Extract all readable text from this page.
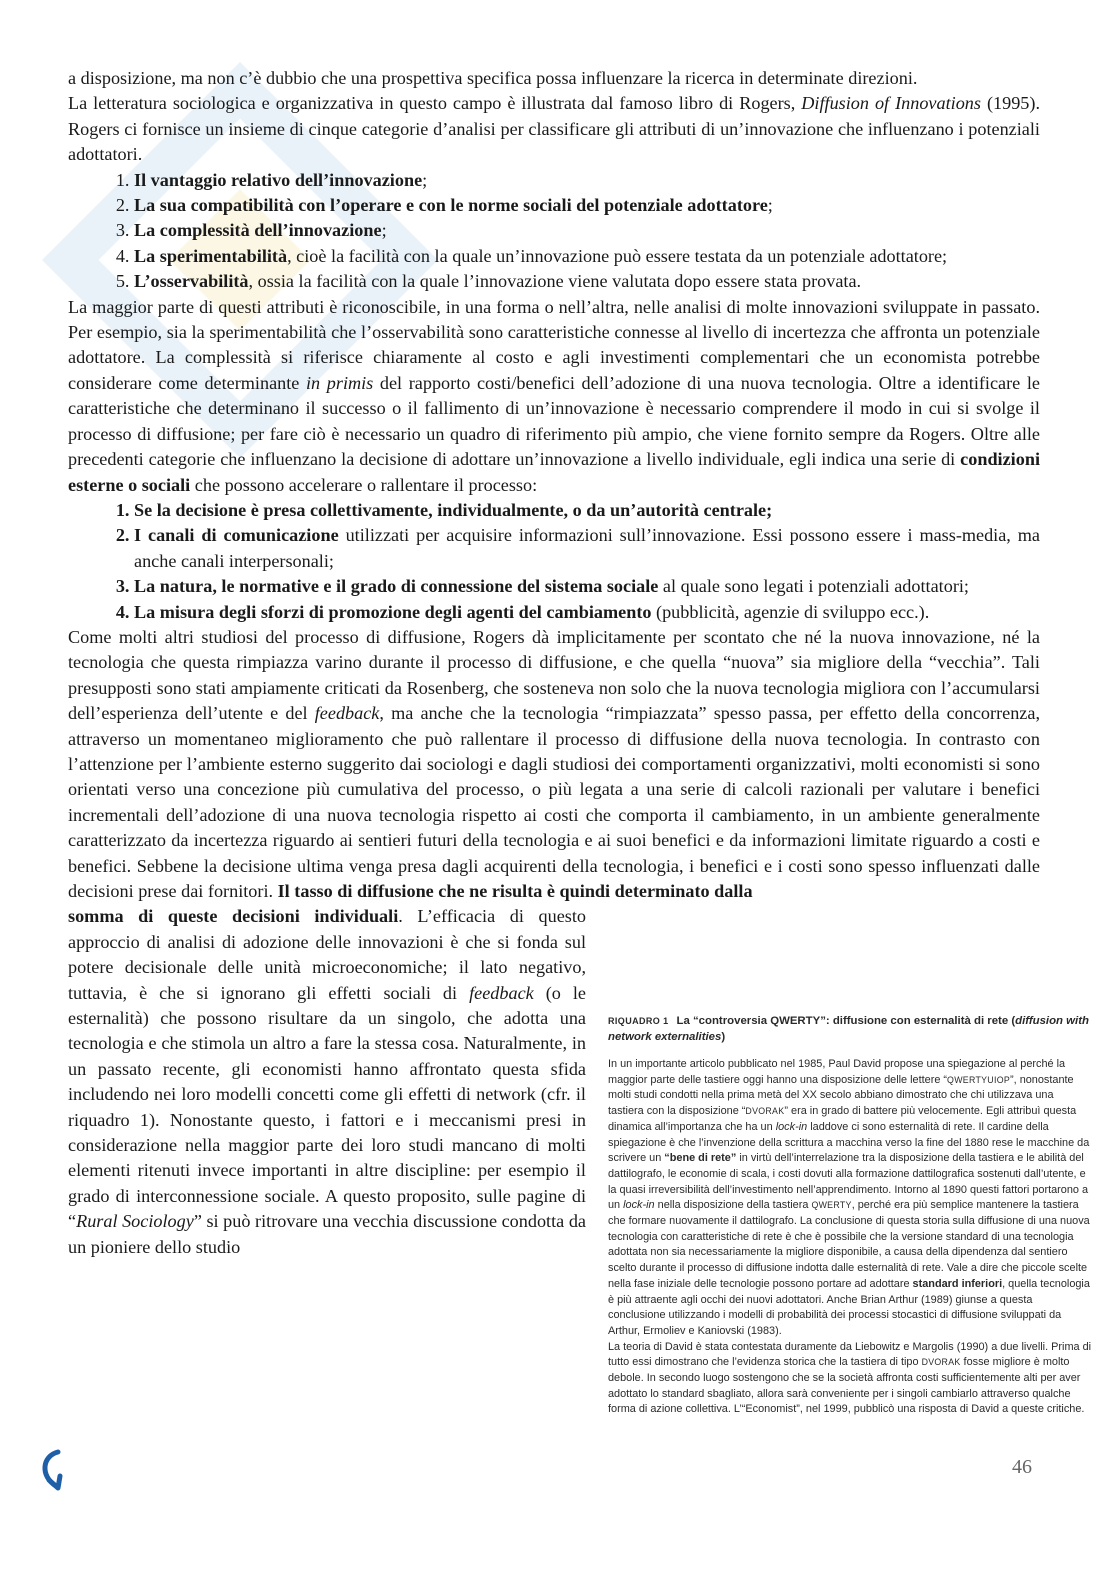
a disposizione, ma non c’è dubbio che una prospettiva specifica possa influenzare la ricerca in determinate direzioni.

La letteratura sociologica e organizzativa in questo campo è illustrata dal famoso libro di Rogers, Diffusion of Innovations (1995). Rogers ci fornisce un insieme di cinque categorie d’analisi per classificare gli attributi di un’innovazione che influenzano i potenziali adottatori.

1. Il vantaggio relativo dell’innovazione;
2. La sua compatibilità con l’operare e con le norme sociali del potenziale adottatore;
3. La complessità dell’innovazione;
4. La sperimentabilità, cioè la facilità con la quale un’innovazione può essere testata da un potenziale adottatore;
5. L’osservabilità, ossia la facilità con la quale l’innovazione viene valutata dopo essere stata provata.

La maggior parte di questi attributi è riconoscibile, in una forma o nell’altra, nelle analisi di molte innovazioni sviluppate in passato. Per esempio, sia la sperimentabilità che l’osservabilità sono caratteristiche connesse al livello di incertezza che affronta un potenziale adottatore. La complessità si riferisce chiaramente al costo e agli investimenti complementari che un economista potrebbe considerare come determinante in primis del rapporto costi/benefici dell’adozione di una nuova tecnologia. Oltre a identificare le caratteristiche che determinano il successo o il fallimento di un’innovazione è necessario comprendere il modo in cui si svolge il processo di diffusione; per fare ciò è necessario un quadro di riferimento più ampio, che viene fornito sempre da Rogers. Oltre alle precedenti categorie che influenzano la decisione di adottare un’innovazione a livello individuale, egli indica una serie di condizioni esterne o sociali che possono accelerare o rallentare il processo:

1. Se la decisione è presa collettivamente, individualmente, o da un’autorità centrale;
2. I canali di comunicazione utilizzati per acquisire informazioni sull’innovazione. Essi possono essere i mass-media, ma anche canali interpersonali;
3. La natura, le normative e il grado di connessione del sistema sociale al quale sono legati i potenziali adottatori;
4. La misura degli sforzi di promozione degli agenti del cambiamento (pubblicità, agenzie di sviluppo ecc.).

Come molti altri studiosi del processo di diffusione, Rogers dà implicitamente per scontato che né la nuova innovazione, né la tecnologia che questa rimpiazza varino durante il processo di diffusione, e che quella “nuova” sia migliore della “vecchia”. Tali presupposti sono stati ampiamente criticati da Rosenberg, che sosteneva non solo che la nuova tecnologia migliora con l’accumularsi dell’esperienza dell’utente e del feedback, ma anche che la tecnologia “rimpiazzata” spesso passa, per effetto della concorrenza, attraverso un momentaneo miglioramento che può rallentare il processo di diffusione della nuova tecnologia. In contrasto con l’attenzione per l’ambiente esterno suggerito dai sociologi e dagli studiosi dei comportamenti organizzativi, molti economisti si sono orientati verso una concezione più cumulativa del processo, o più legata a una serie di calcoli razionali per valutare i benefici incrementali dell’adozione di una nuova tecnologia rispetto ai costi che comporta il cambiamento, in un ambiente generalmente caratterizzato da incertezza riguardo ai sentieri futuri della tecnologia e ai suoi benefici e da informazioni limitate riguardo a costi e benefici. Sebbene la decisione ultima venga presa dagli acquirenti della tecnologia, i benefici e i costi sono spesso influenzati dalle decisioni prese dai fornitori. Il tasso di diffusione che ne risulta è quindi determinato dalla

somma di queste decisioni individuali. L’efficacia di questo approccio di analisi di adozione delle innovazioni è che si fonda sul potere decisionale delle unità microeconomiche; il lato negativo, tuttavia, è che si ignorano gli effetti sociali di feedback (o le esternalità) che possono risultare da un singolo, che adotta una tecnologia e che stimola un altro a fare la stessa cosa. Naturalmente, in un passato recente, gli economisti hanno affrontato questa sfida includendo nei loro modelli concetti come gli effetti di network (cfr. il riquadro 1). Nonostante questo, i fattori e i meccanismi presi in considerazione nella maggior parte dei loro studi mancano di molti elementi ritenuti invece importanti in altre discipline: per esempio il grado di interconnessione sociale. A questo proposito, sulle pagine di “Rural Sociology” si può ritrovare una vecchia discussione condotta da un pioniere dello studio
RIQUADRO 1 La “controversia QWERTY”: diffusione con esternalità di rete (diffusion with network externalities)

In un importante articolo pubblicato nel 1985, Paul David propose una spiegazione al perché la maggior parte delle tastiere oggi hanno una disposizione delle lettere “QWERTYUIOP”, nonostante molti studi condotti nella prima metà del XX secolo abbiano dimostrato che chi utilizzava una tastiera con la disposizione “DVORAK” era in grado di battere più velocemente. Egli attribuì questa dinamica all’importanza che ha un lock-in laddove ci sono esternalità di rete. Il cardine della spiegazione è che l’invenzione della scrittura a macchina verso la fine del 1880 rese le macchine da scrivere un “bene di rete” in virtù dell’interrelazione tra la disposizione della tastiera e le abilità del dattilografo, le economie di scala, i costi dovuti alla formazione dattilografica sostenuti dall’utente, e la quasi irreversibilità dell’investimento nell’apprendimento. Intorno al 1890 questi fattori portarono a un lock-in nella disposizione della tastiera QWERTY, perché era più semplice mantenere la tastiera che formare nuovamente il dattilografo. La conclusione di questa storia sulla diffusione di una nuova tecnologia con caratteristiche di rete è che è possibile che la versione standard di una tecnologia adottata non sia necessariamente la migliore disponibile, a causa della dipendenza dal sentiero scelto durante il processo di diffusione indotta dalle esternalità di rete. Vale a dire che piccole scelte nella fase iniziale delle tecnologie possono portare ad adottare standard inferiori, quella tecnologia è più attraente agli occhi dei nuovi adottatori. Anche Brian Arthur (1989) giunse a questa conclusione utilizzando i modelli di probabilità dei processi stocastici di diffusione sviluppati da Arthur, Ermoliev e Kaniovski (1983).

La teoria di David è stata contestata duramente da Liebowitz e Margolis (1990) a due livelli. Prima di tutto essi dimostrano che l’evidenza storica che la tastiera di tipo DVORAK fosse migliore è molto debole. In secondo luogo sostengono che se la società affronta costi sufficientemente alti per aver adottato lo standard sbagliato, allora sarà conveniente per i singoli cambiarlo attraverso qualche forma di azione collettiva. L’“Economist”, nel 1999, pubblicò una risposta di David a queste critiche.

46
